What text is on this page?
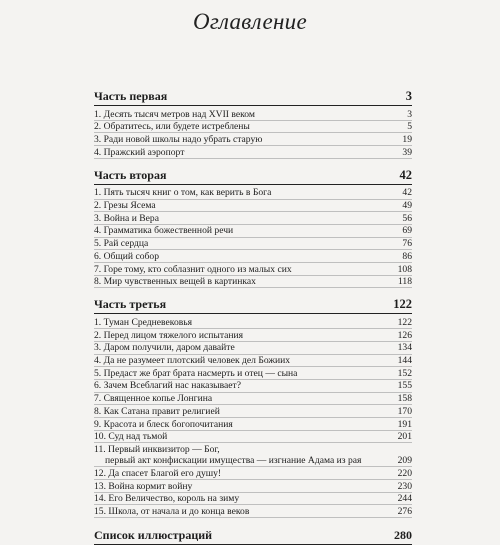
Оглавление
Часть первая	3
1. Десять тысяч метров над XVII веком	3
2. Обратитесь, или будете истреблены	5
3. Ради новой школы надо убрать старую	19
4. Пражский аэропорт	39
Часть вторая	42
1. Пять тысяч книг о том, как верить в Бога	42
2. Грезы Ясема	49
3. Война и Вера	56
4. Грамматика божественной речи	69
5. Рай сердца	76
6. Общий собор	86
7. Горе тому, кто соблазнит одного из малых сих	108
8. Мир чувственных вещей в картинках	118
Часть третья	122
1. Туман Средневековья	122
2. Перед лицом тяжелого испытания	126
3. Даром получили, даром давайте	134
4. Да не разумеет плотский человек дел Божиих	144
5. Предаст же брат брата насмерть и отец — сына	152
6. Зачем Всеблагий нас наказывает?	155
7. Священное копье Лонгина	158
8. Как Сатана правит религией	170
9. Красота и блеск богопочитания	191
10. Суд над тьмой	201
11. Первый инквизитор — Бог,
первый акт конфискации имущества — изгнание Адама из рая	209
12. Да спасет Благой его душу!	220
13. Война кормит войну	230
14. Его Величество, король на зиму	244
15. Школа, от начала и до конца веков	276
Список иллюстраций	280
